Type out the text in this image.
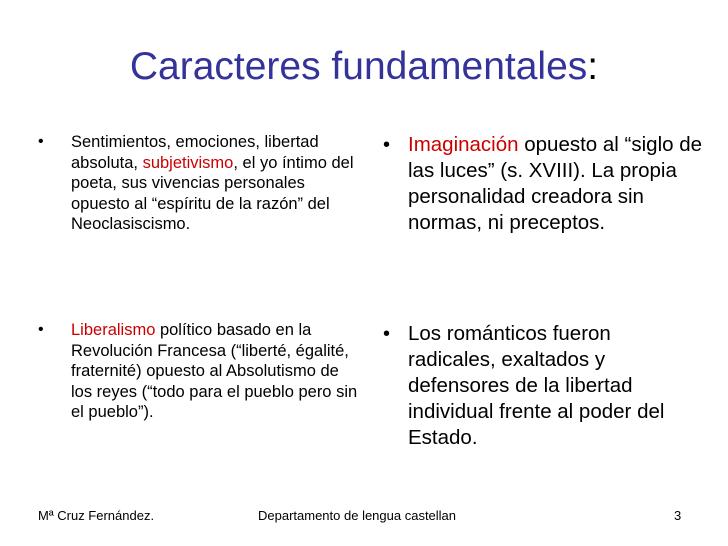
Caracteres fundamentales:
•	Sentimientos, emociones, libertad absoluta, subjetivismo, el yo íntimo del poeta, sus vivencias personales opuesto al “espíritu de la razón” del Neoclasiscismo.
•	Liberalismo político basado en la Revolución Francesa (“liberté, égalité, fraternité) opuesto al Absolutismo de los reyes (“todo para el pueblo pero sin el pueblo”).
• Imaginación opuesto al “siglo de las luces” (s. XVIII). La propia personalidad creadora sin normas, ni preceptos.
• Los románticos fueron radicales, exaltados y defensores de la libertad individual frente al poder del Estado.
Mª Cruz Fernández.	Departamento de lengua castellan	3
